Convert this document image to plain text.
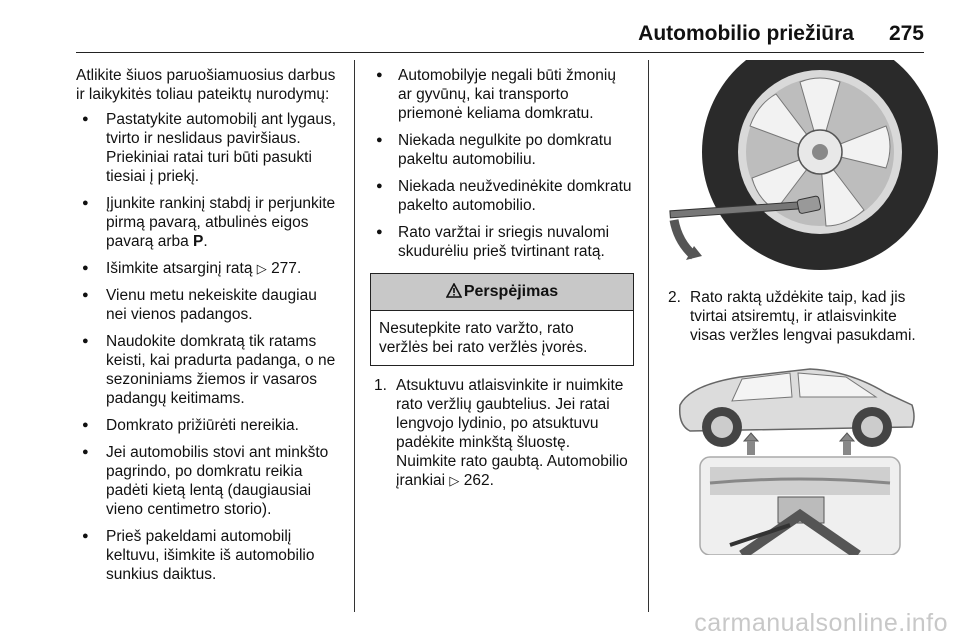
Automobilio priežiūra 275

Atlikite šiuos paruošiamuosius darbus ir laikykitės toliau pateiktų nurodymų:

● Pastatykite automobilį ant lygaus, tvirto ir neslidaus paviršiaus. Priekiniai ratai turi būti pasukti tiesiai į priekį.
● Įjunkite rankinį stabdį ir perjunkite pirmą pavarą, atbulinės eigos pavarą arba P.
● Išimkite atsarginį ratą ▷ 277.
● Vienu metu nekeiskite daugiau nei vienos padangos.
● Naudokite domkratą tik ratams keisti, kai pradurta padanga, o ne sezoniniams žiemos ir vasaros padangų keitimams.
● Domkrato prižiūrėti nereikia.
● Jei automobilis stovi ant minkšto pagrindo, po domkratu reikia padėti kietą lentą (daugiausiai vieno centimetro storio).
● Prieš pakeldami automobilį keltuvu, išimkite iš automobilio sunkius daiktus.
● Automobilyje negali būti žmonių ar gyvūnų, kai transporto priemonė keliama domkratu.
● Niekada negulkite po domkratu pakeltu automobiliu.
● Niekada neužvedinėkite domkratu pakelto automobilio.
● Rato varžtai ir sriegis nuvalomi skudurėliu prieš tvirtinant ratą.
Perspėjimas
Nesutepkite rato varžto, rato veržlės bei rato veržlės įvorės.
1. Atsuktuvu atlaisvinkite ir nuimkite rato veržlių gaubtelius. Jei ratai lengvojo lydinio, po atsuktuvu padėkite minkštą šluostę. Nuimkite rato gaubtą. Automobilio įrankiai ▷ 262.
2. Rato raktą uždėkite taip, kad jis tvirtai atsiremtų, ir atlaisvinkite visas veržles lengvai pasukdami.
carmanualsonline.info
